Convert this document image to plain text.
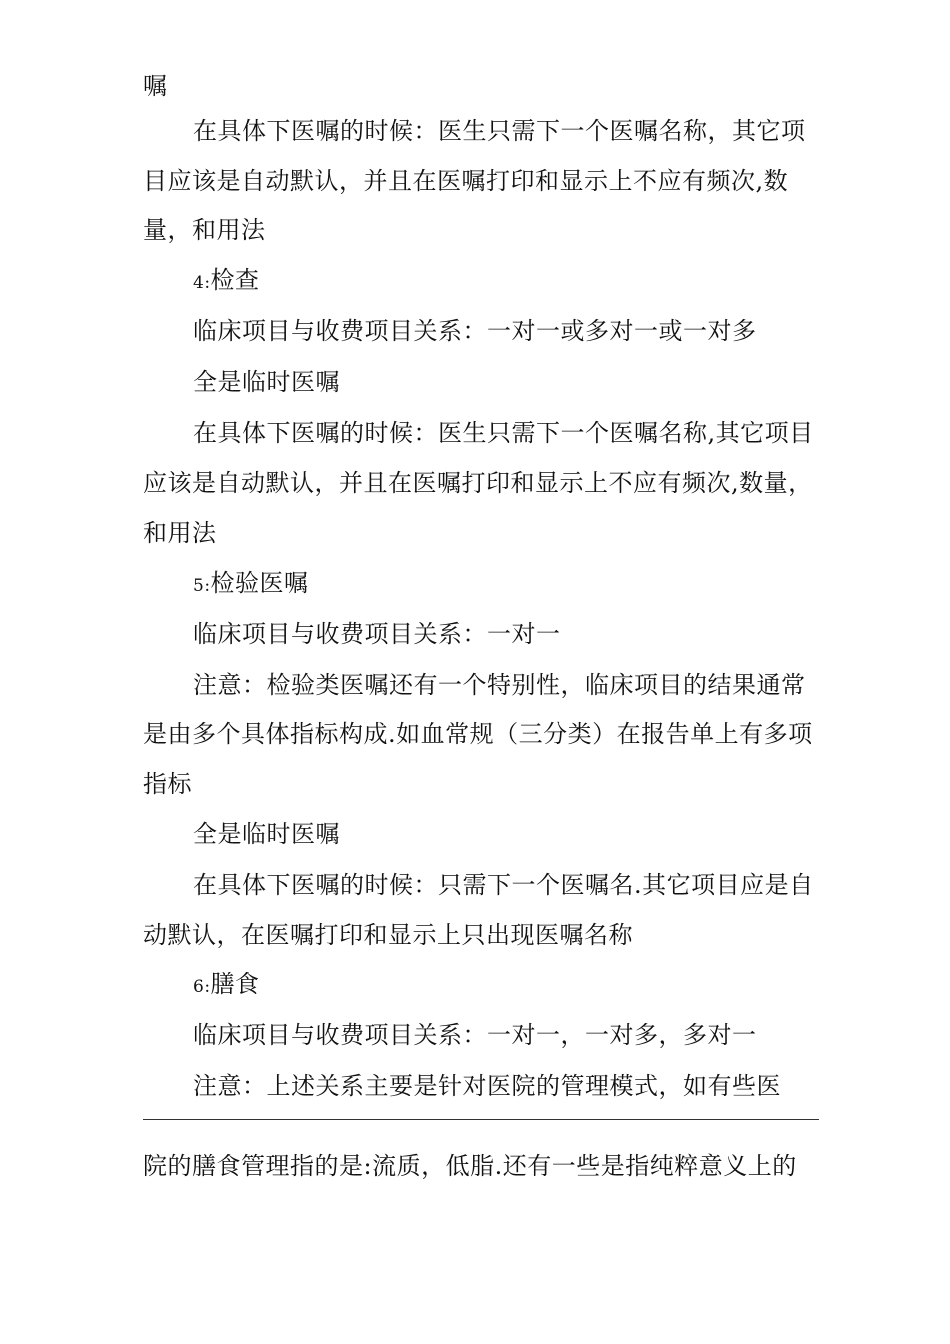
嘱
在具体下医嘱的时候：医生只需下一个医嘱名称，其它项
目应该是自动默认，并且在医嘱打印和显示上不应有频次,数
量，和用法
4:检查
临床项目与收费项目关系：一对一或多对一或一对多
全是临时医嘱
在具体下医嘱的时候：医生只需下一个医嘱名称,其它项目
应该是自动默认，并且在医嘱打印和显示上不应有频次,数量，
和用法
5:检验医嘱
临床项目与收费项目关系：一对一
注意：检验类医嘱还有一个特别性，临床项目的结果通常
是由多个具体指标构成.如血常规（三分类）在报告单上有多项
指标
全是临时医嘱
在具体下医嘱的时候：只需下一个医嘱名.其它项目应是自
动默认，在医嘱打印和显示上只出现医嘱名称
6:膳食
临床项目与收费项目关系：一对一，一对多，多对一
注意：上述关系主要是针对医院的管理模式，如有些医
院的膳食管理指的是:流质，低脂.还有一些是指纯粹意义上的
